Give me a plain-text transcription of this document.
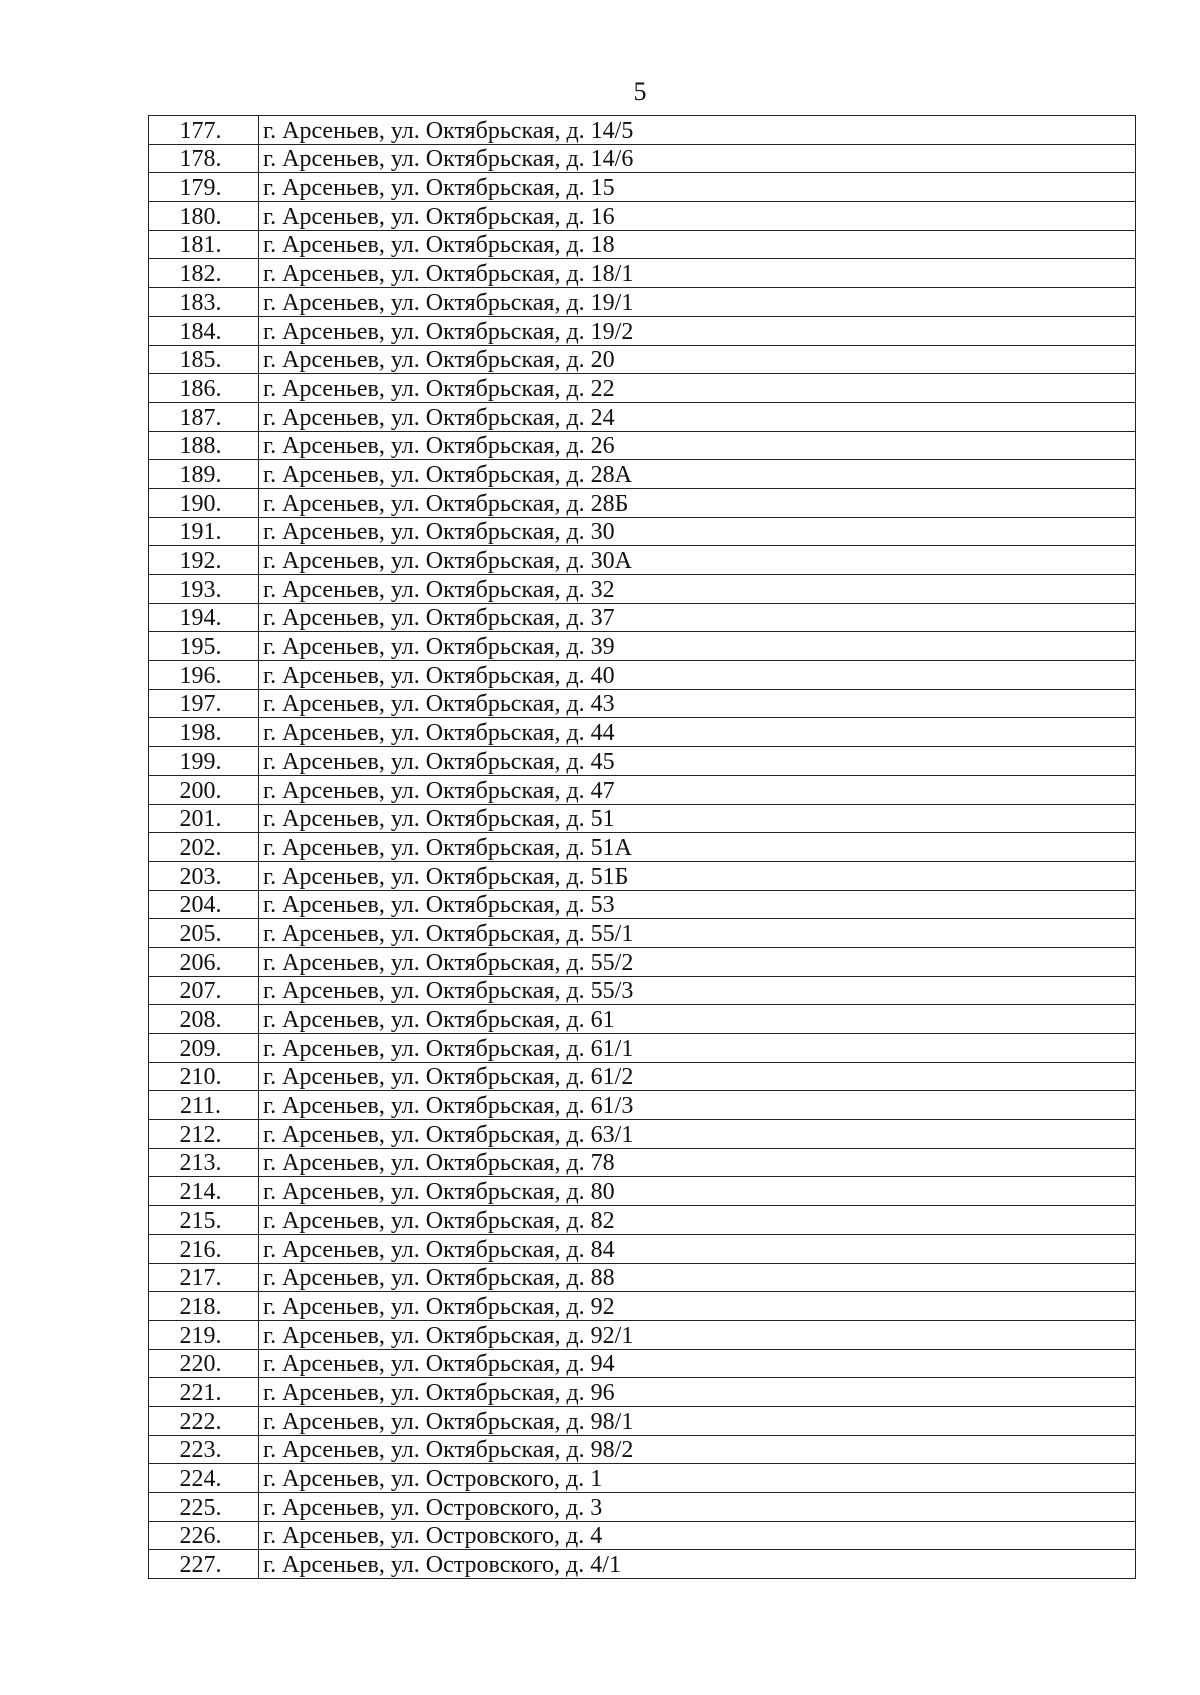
5
177.	г. Арсеньев, ул. Октябрьская, д. 14/5
178.	г. Арсеньев, ул. Октябрьская, д. 14/6
179.	г. Арсеньев, ул. Октябрьская, д. 15
180.	г. Арсеньев, ул. Октябрьская, д. 16
181.	г. Арсеньев, ул. Октябрьская, д. 18
182.	г. Арсеньев, ул. Октябрьская, д. 18/1
183.	г. Арсеньев, ул. Октябрьская, д. 19/1
184.	г. Арсеньев, ул. Октябрьская, д. 19/2
185.	г. Арсеньев, ул. Октябрьская, д. 20
186.	г. Арсеньев, ул. Октябрьская, д. 22
187.	г. Арсеньев, ул. Октябрьская, д. 24
188.	г. Арсеньев, ул. Октябрьская, д. 26
189.	г. Арсеньев, ул. Октябрьская, д. 28А
190.	г. Арсеньев, ул. Октябрьская, д. 28Б
191.	г. Арсеньев, ул. Октябрьская, д. 30
192.	г. Арсеньев, ул. Октябрьская, д. 30А
193.	г. Арсеньев, ул. Октябрьская, д. 32
194.	г. Арсеньев, ул. Октябрьская, д. 37
195.	г. Арсеньев, ул. Октябрьская, д. 39
196.	г. Арсеньев, ул. Октябрьская, д. 40
197.	г. Арсеньев, ул. Октябрьская, д. 43
198.	г. Арсеньев, ул. Октябрьская, д. 44
199.	г. Арсеньев, ул. Октябрьская, д. 45
200.	г. Арсеньев, ул. Октябрьская, д. 47
201.	г. Арсеньев, ул. Октябрьская, д. 51
202.	г. Арсеньев, ул. Октябрьская, д. 51А
203.	г. Арсеньев, ул. Октябрьская, д. 51Б
204.	г. Арсеньев, ул. Октябрьская, д. 53
205.	г. Арсеньев, ул. Октябрьская, д. 55/1
206.	г. Арсеньев, ул. Октябрьская, д. 55/2
207.	г. Арсеньев, ул. Октябрьская, д. 55/3
208.	г. Арсеньев, ул. Октябрьская, д. 61
209.	г. Арсеньев, ул. Октябрьская, д. 61/1
210.	г. Арсеньев, ул. Октябрьская, д. 61/2
211.	г. Арсеньев, ул. Октябрьская, д. 61/3
212.	г. Арсеньев, ул. Октябрьская, д. 63/1
213.	г. Арсеньев, ул. Октябрьская, д. 78
214.	г. Арсеньев, ул. Октябрьская, д. 80
215.	г. Арсеньев, ул. Октябрьская, д. 82
216.	г. Арсеньев, ул. Октябрьская, д. 84
217.	г. Арсеньев, ул. Октябрьская, д. 88
218.	г. Арсеньев, ул. Октябрьская, д. 92
219.	г. Арсеньев, ул. Октябрьская, д. 92/1
220.	г. Арсеньев, ул. Октябрьская, д. 94
221.	г. Арсеньев, ул. Октябрьская, д. 96
222.	г. Арсеньев, ул. Октябрьская, д. 98/1
223.	г. Арсеньев, ул. Октябрьская, д. 98/2
224.	г. Арсеньев, ул. Островского, д. 1
225.	г. Арсеньев, ул. Островского, д. 3
226.	г. Арсеньев, ул. Островского, д. 4
227.	г. Арсеньев, ул. Островского, д. 4/1
